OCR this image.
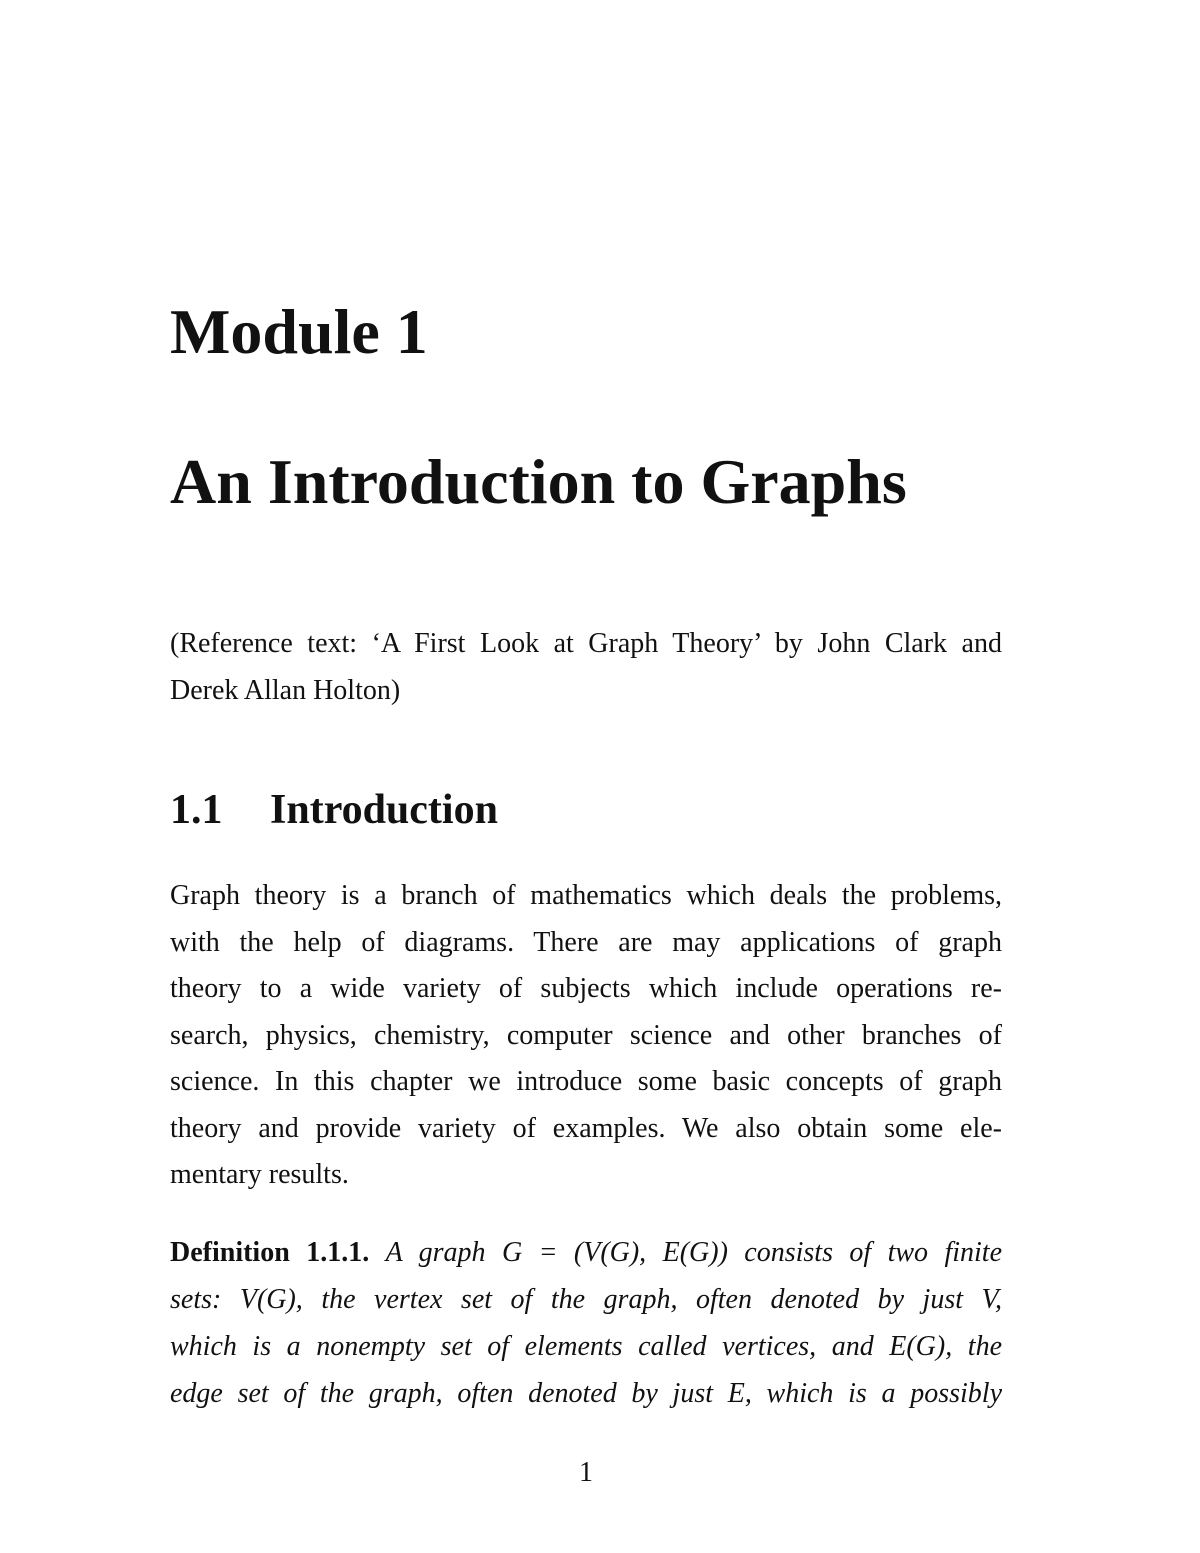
Module 1
An Introduction to Graphs

(Reference text: ‘A First Look at Graph Theory’ by John Clark and
Derek Allan Holton)

1.1 Introduction

Graph theory is a branch of mathematics which deals the problems,
with the help of diagrams. There are may applications of graph
theory to a wide variety of subjects which include operations re-
search, physics, chemistry, computer science and other branches of
science. In this chapter we introduce some basic concepts of graph
theory and provide variety of examples. We also obtain some ele-
mentary results.

Definition 1.1.1. A graph G = (V(G), E(G)) consists of two finite
sets: V(G), the vertex set of the graph, often denoted by just V,
which is a nonempty set of elements called vertices, and E(G), the
edge set of the graph, often denoted by just E, which is a possibly

1
